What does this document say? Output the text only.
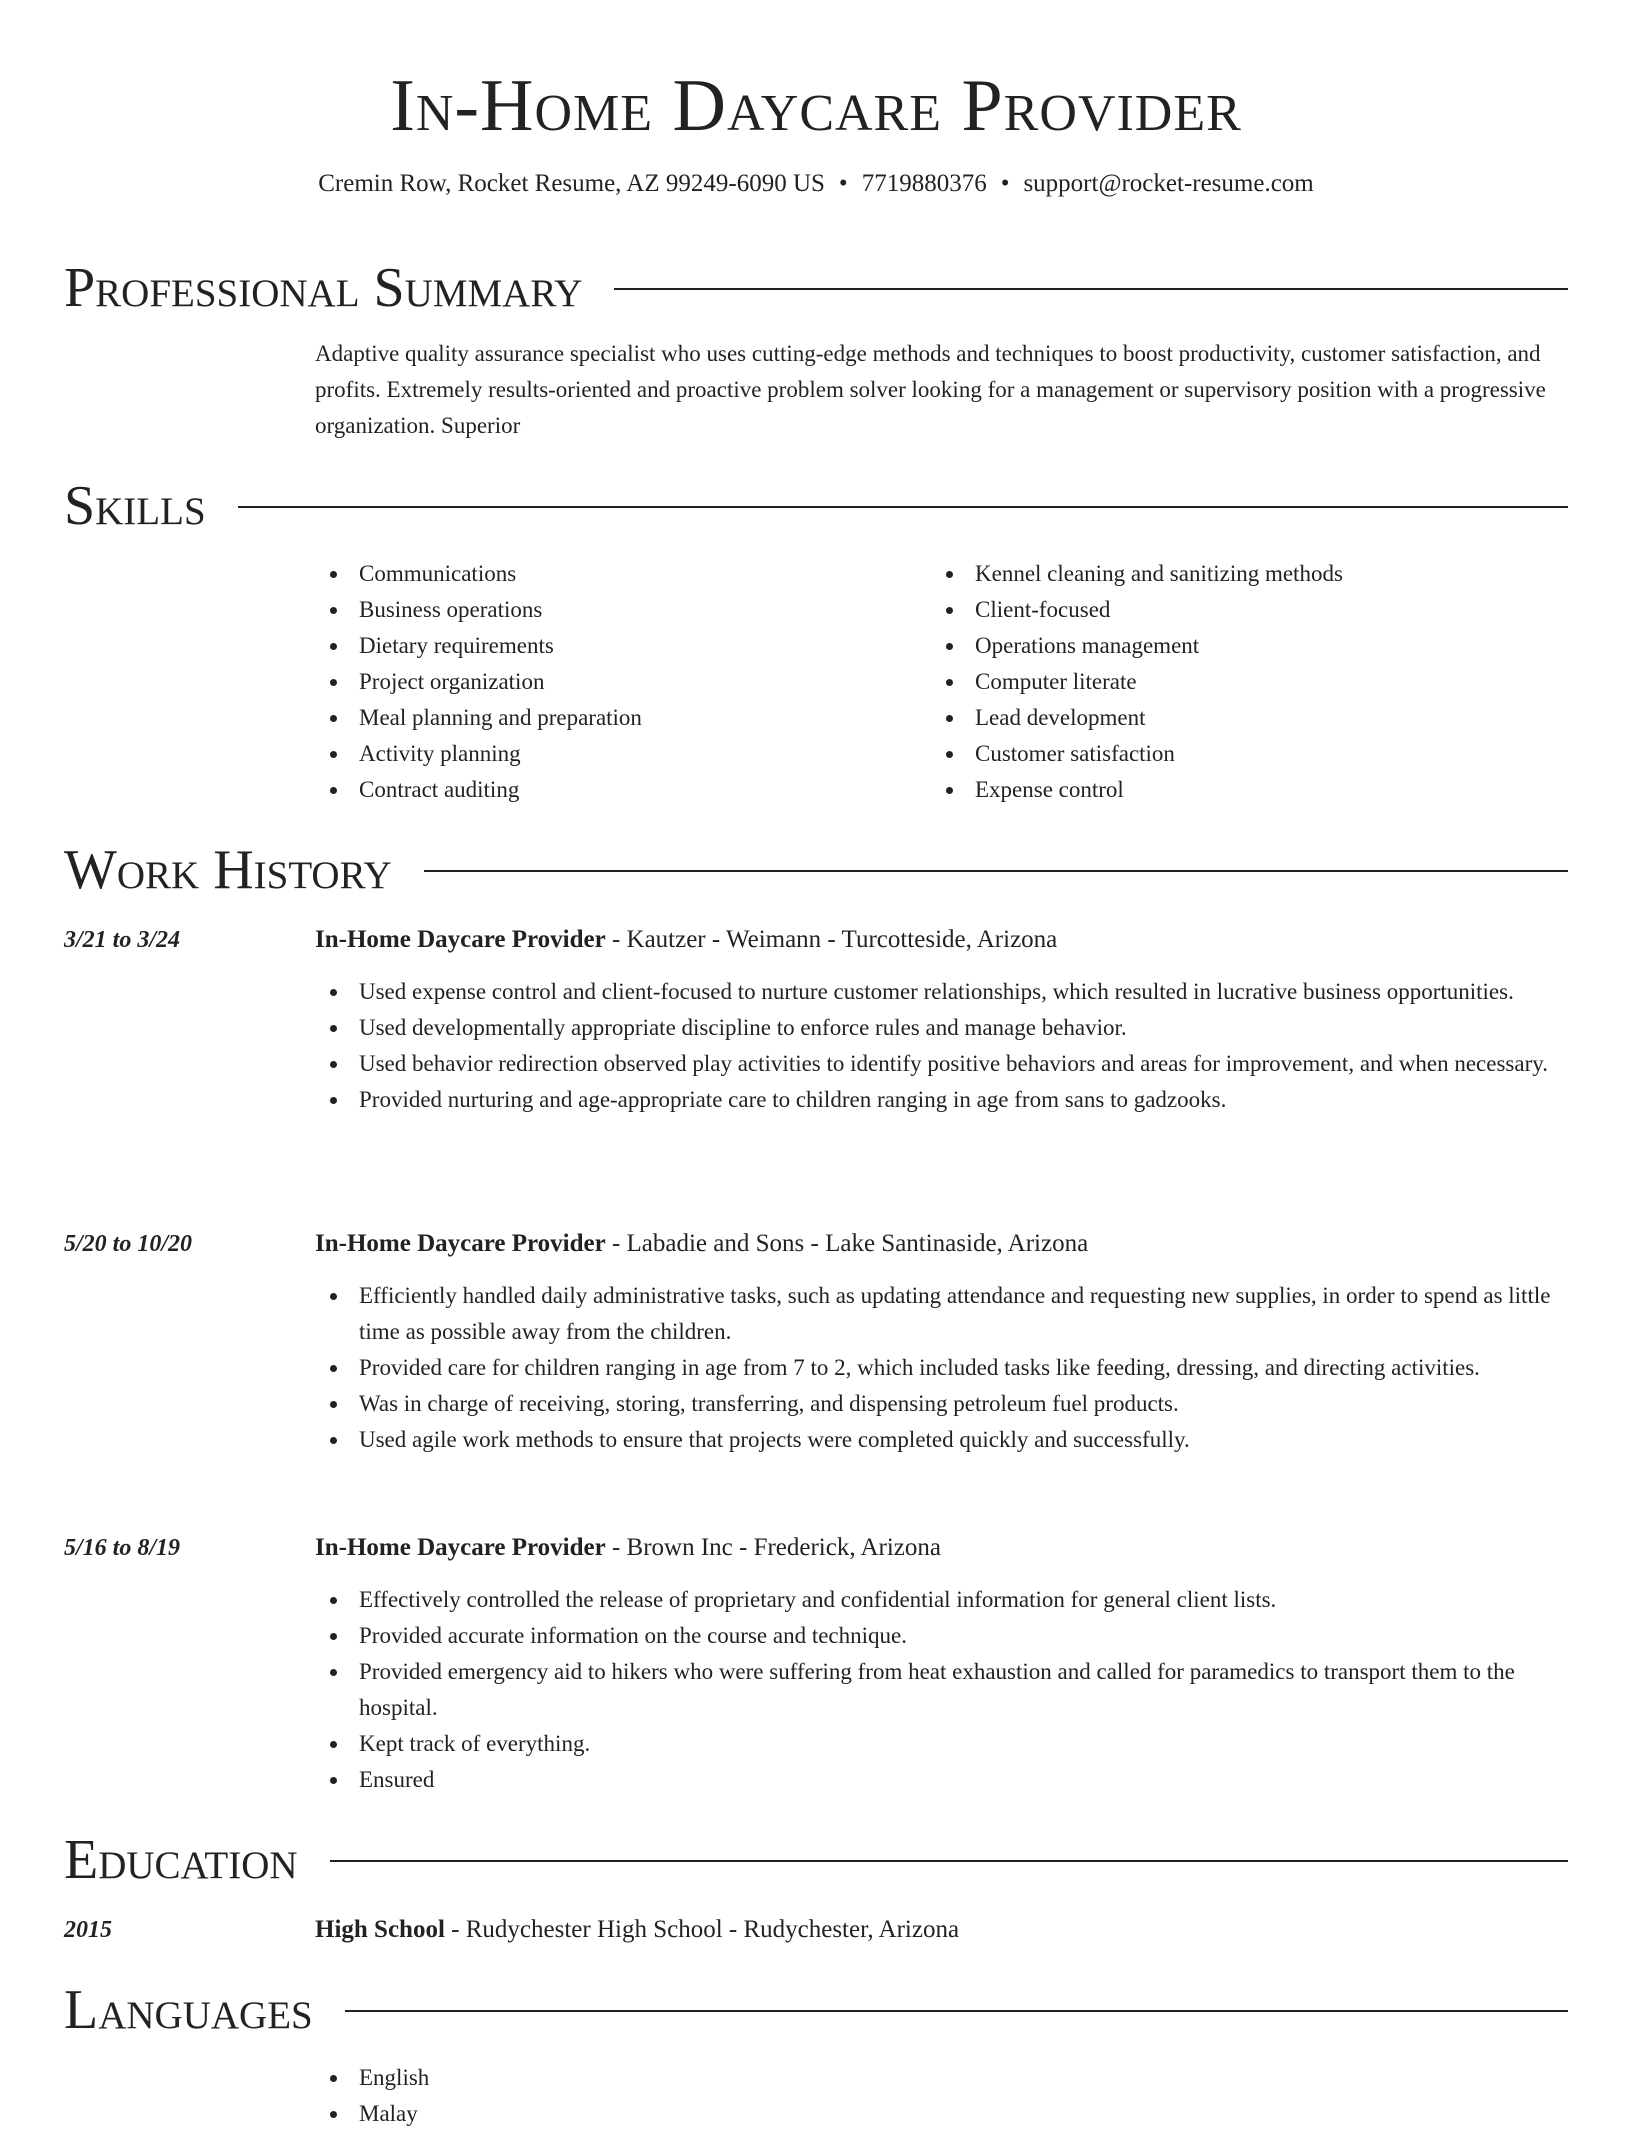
In-Home Daycare Provider
Cremin Row, Rocket Resume, AZ 99249-6090 US • 7719880376 • support@rocket-resume.com
Professional Summary

Adaptive quality assurance specialist who uses cutting-edge methods and techniques to boost productivity, customer satisfaction, and profits. Extremely results-oriented and proactive problem solver looking for a management or supervisory position with a progressive organization. Superior

Skills
Communications
Business operations
Dietary requirements
Project organization
Meal planning and preparation
Activity planning
Contract auditing
Kennel cleaning and sanitizing methods
Client-focused
Operations management
Computer literate
Lead development
Customer satisfaction
Expense control
Work History
3/21 to 3/24	In-Home Daycare Provider - Kautzer - Weimann - Turcotteside, Arizona
Used expense control and client-focused to nurture customer relationships, which resulted in lucrative business opportunities.
Used developmentally appropriate discipline to enforce rules and manage behavior.
Used behavior redirection observed play activities to identify positive behaviors and areas for improvement, and when necessary.
Provided nurturing and age-appropriate care to children ranging in age from sans to gadzooks.
5/20 to 10/20	In-Home Daycare Provider - Labadie and Sons - Lake Santinaside, Arizona
Efficiently handled daily administrative tasks, such as updating attendance and requesting new supplies, in order to spend as little time as possible away from the children.
Provided care for children ranging in age from 7 to 2, which included tasks like feeding, dressing, and directing activities.
Was in charge of receiving, storing, transferring, and dispensing petroleum fuel products.
Used agile work methods to ensure that projects were completed quickly and successfully.
5/16 to 8/19	In-Home Daycare Provider - Brown Inc - Frederick, Arizona
Effectively controlled the release of proprietary and confidential information for general client lists.
Provided accurate information on the course and technique.
Provided emergency aid to hikers who were suffering from heat exhaustion and called for paramedics to transport them to the hospital.
Kept track of everything.
Ensured
Education
2015	High School - Rudychester High School - Rudychester, Arizona
Languages
English
Malay
